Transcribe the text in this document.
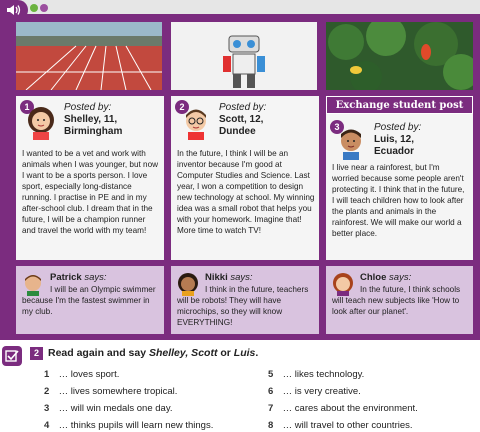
1	Posted by:
Shelley, 11,
Birmingham
I wanted to be a vet and work with animals when I was younger, but now I want to be a sports person. I love sport, especially long-distance running. I practise in PE and in my after-school club. I dream that in the future, I will be a champion runner and travel the world with my team!
2	Posted by:
Scott, 12,
Dundee
In the future, I think I will be an inventor because I'm good at Computer Studies and Science. Last year, I won a competition to design new technology at school. My winning idea was a small robot that helps you with your homework. Imagine that! More time to watch TV!
3	Posted by:
Luis, 12,
Ecuador
I live near a rainforest, but I'm worried because some people aren't protecting it. I think that in the future, I will teach children how to look after the plants and animals in the rainforest. We will make our world a better place.
Exchange student post
Patrick says:
I will be an Olympic swimmer because I'm the fastest swimmer in my club.
Nikki says:
I think in the future, teachers will be robots! They will have microchips, so they will know EVERYTHING!
Chloe says:
In the future, I think schools will teach new subjects like 'How to look after our planet'.
2 Read again and say Shelley, Scott or Luis.
1 … loves sport.
2 … lives somewhere tropical.
3 … will win medals one day.
4 … thinks pupils will learn new things.
5 … likes technology.
6 … is very creative.
7 … cares about the environment.
8 … will travel to other countries.
